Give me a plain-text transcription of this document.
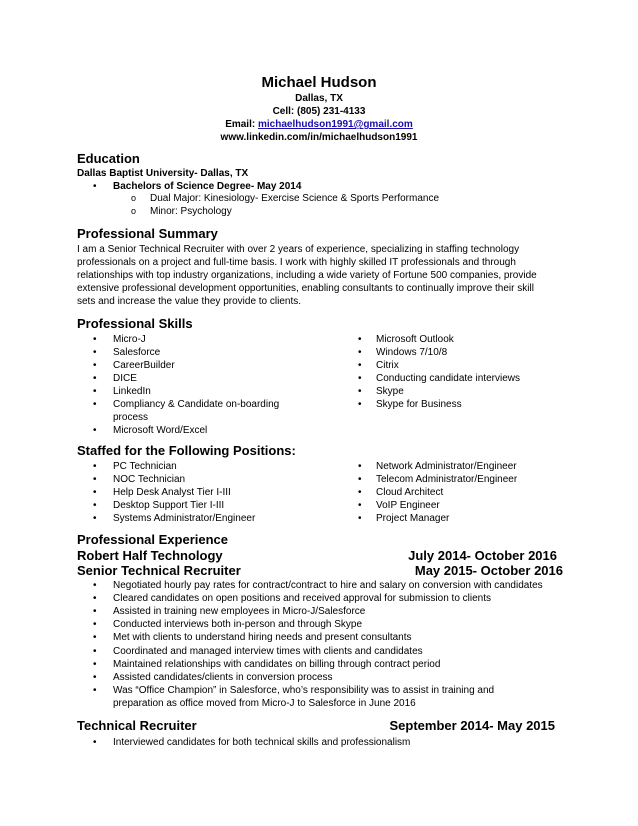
Michael Hudson
Dallas, TX
Cell: (805) 231-4133
Email: michaelhudson1991@gmail.com
www.linkedin.com/in/michaelhudson1991
Education
Dallas Baptist University- Dallas, TX
• Bachelors of Science Degree- May 2014
o Dual Major: Kinesiology- Exercise Science & Sports Performance
o Minor: Psychology
Professional Summary
I am a Senior Technical Recruiter with over 2 years of experience, specializing in staffing technology
professionals on a project and full-time basis. I work with highly skilled IT professionals and through
relationships with top industry organizations, including a wide variety of Fortune 500 companies, provide
extensive professional development opportunities, enabling consultants to continually improve their skill
sets and increase the value they provide to clients.
Professional Skills
• Micro-J
• Salesforce
• CareerBuilder
• DICE
• LinkedIn
• Compliancy & Candidate on-boarding
process
• Microsoft Word/Excel
• Microsoft Outlook
• Windows 7/10/8
• Citrix
• Conducting candidate interviews
• Skype
• Skype for Business
Staffed for the Following Positions:
• PC Technician
• NOC Technician
• Help Desk Analyst Tier I-III
• Desktop Support Tier I-III
• Systems Administrator/Engineer
• Network Administrator/Engineer
• Telecom Administrator/Engineer
• Cloud Architect
• VoIP Engineer
• Project Manager
Professional Experience
Robert Half Technology	July 2014- October 2016
Senior Technical Recruiter	May 2015- October 2016
• Negotiated hourly pay rates for contract/contract to hire and salary on conversion with candidates
• Cleared candidates on open positions and received approval for submission to clients
• Assisted in training new employees in Micro-J/Salesforce
• Conducted interviews both in-person and through Skype
• Met with clients to understand hiring needs and present consultants
• Coordinated and managed interview times with clients and candidates
• Maintained relationships with candidates on billing through contract period
• Assisted candidates/clients in conversion process
• Was “Office Champion” in Salesforce, who’s responsibility was to assist in training and
preparation as office moved from Micro-J to Salesforce in June 2016
Technical Recruiter	September 2014- May 2015
• Interviewed candidates for both technical skills and professionalism
